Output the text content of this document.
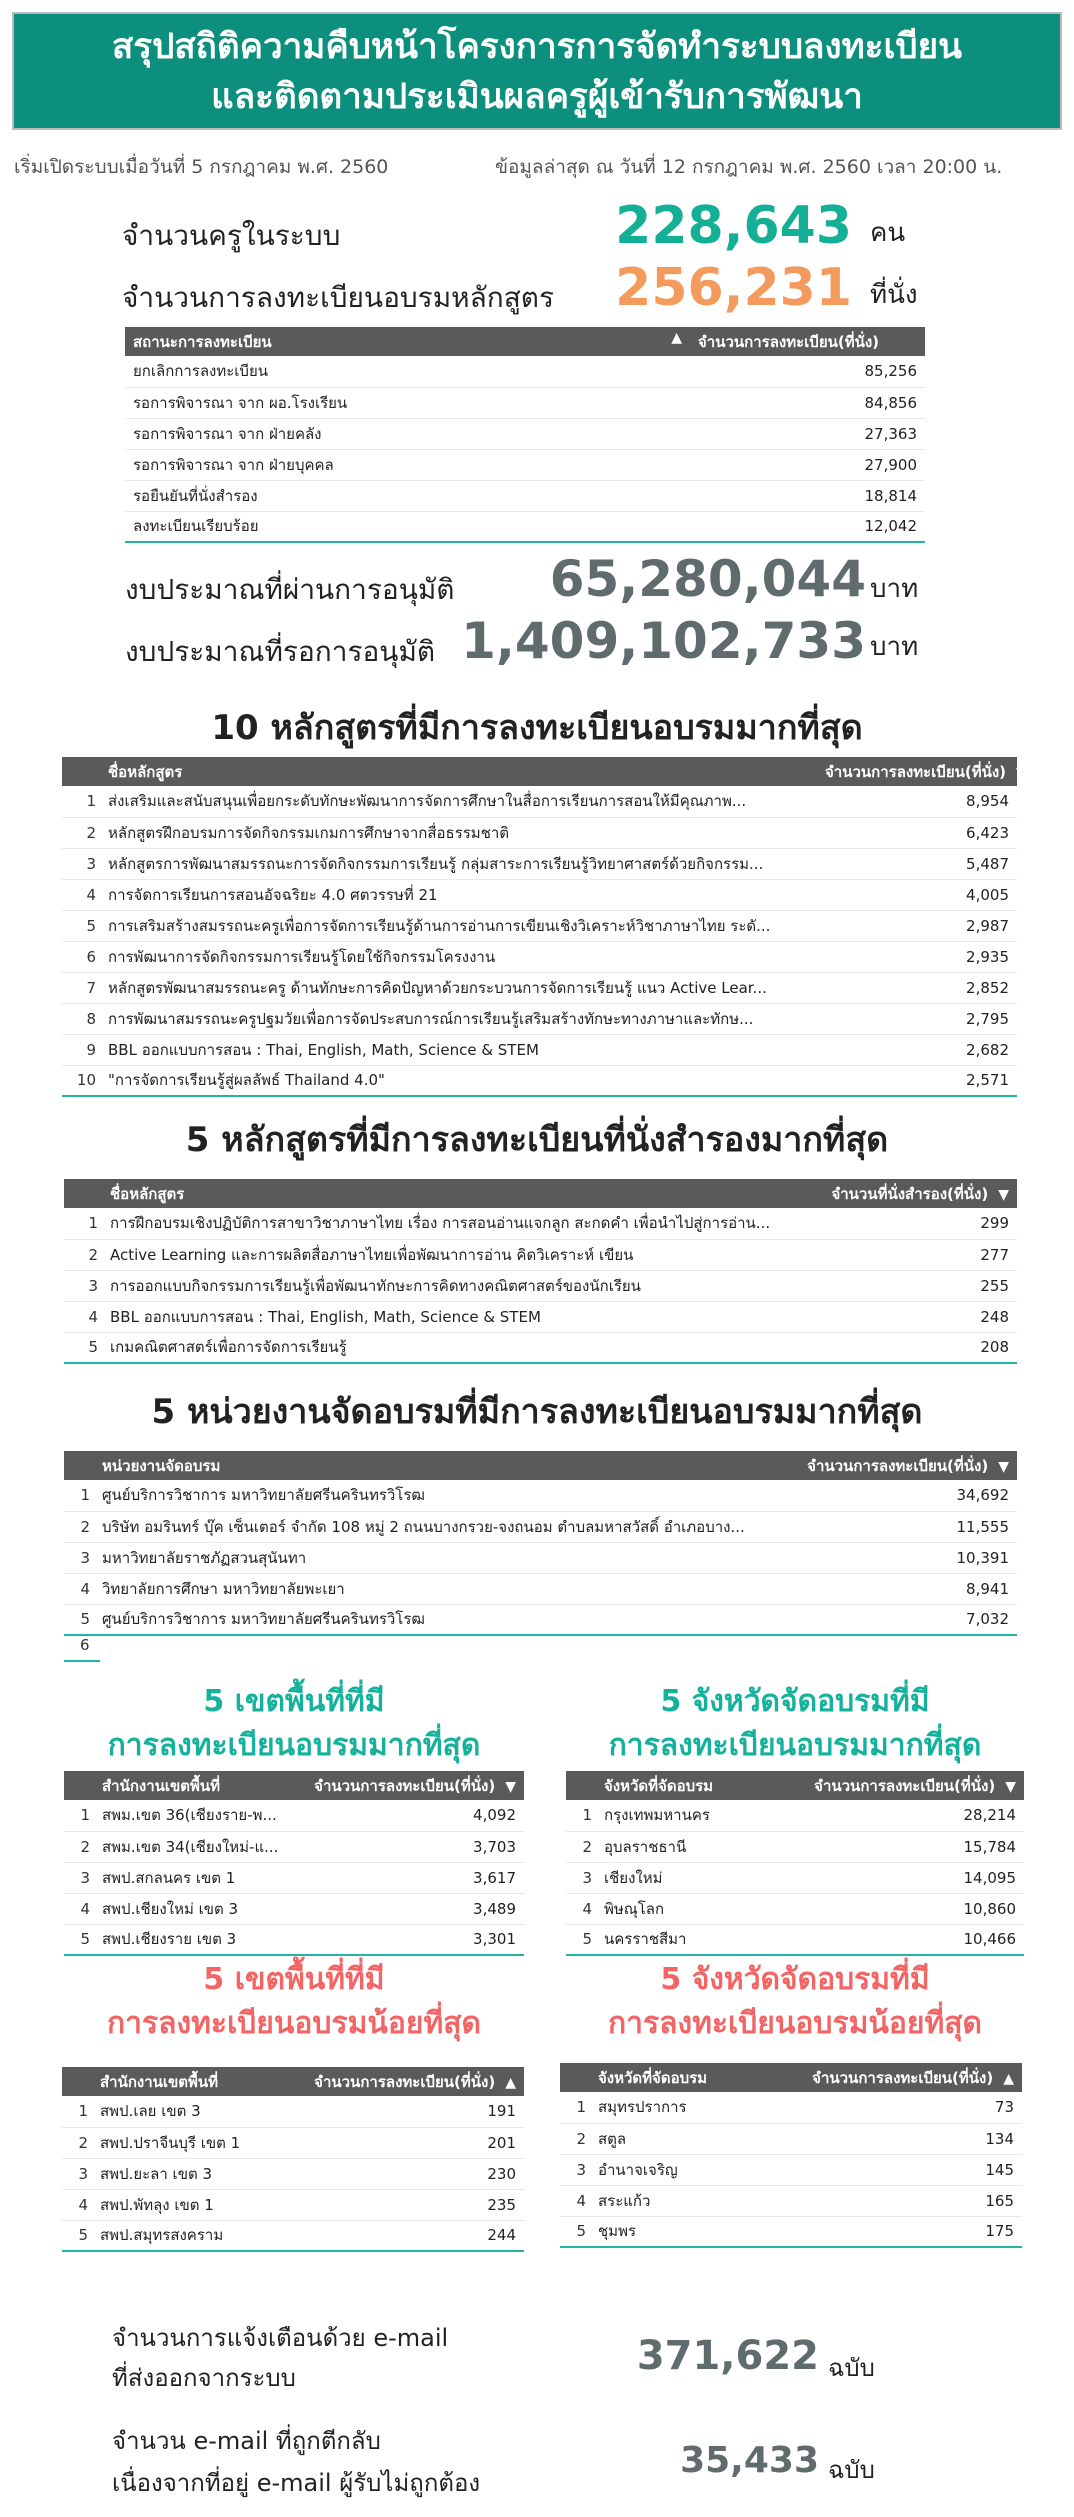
สรุปสถิติความคืบหน้าโครงการการจัดทำระบบลงทะเบียน
และติดตามประเมินผลครูผู้เข้ารับการพัฒนา
เริ่มเปิดระบบเมื่อวันที่ 5 กรกฎาคม พ.ศ. 2560	ข้อมูลล่าสุด ณ วันที่ 12 กรกฎาคม พ.ศ. 2560 เวลา 20:00 น.
จำนวนครูในระบบ	228,643 คน
จำนวนการลงทะเบียนอบรมหลักสูตร 256,231 ที่นั่ง
สถานะการลงทะเบียน ▲	จำนวนการลงทะเบียน(ที่นั่ง)

ยกเลิกการลงทะเบียน	85,256

รอการพิจารณา จาก ผอ.โรงเรียน	84,856

รอการพิจารณา จาก ฝ่ายคลัง	27,363

รอการพิจารณา จาก ฝ่ายบุคคล	27,900

รอยืนยันที่นั่งสำรอง	18,814

ลงทะเบียนเรียบร้อย	12,042
งบประมาณที่ผ่านการอนุมัติ 65,280,044 บาท
งบประมาณที่รอการอนุมัติ 1,409,102,733 บาท
10 หลักสูตรที่มีการลงทะเบียนอบรมมากที่สุด
	ชื่อหลักสูตร	จำนวนการลงทะเบียน(ที่นั่ง) ▼
1	ส่งเสริมและสนับสนุนเพื่อยกระดับทักษะพัฒนาการจัดการศึกษาในสื่อการเรียนการสอนให้มีคุณภาพ...	8,954
2	หลักสูตรฝึกอบรมการจัดกิจกรรมเกมการศึกษาจากสื่อธรรมชาติ	6,423
3	หลักสูตรการพัฒนาสมรรถนะการจัดกิจกรรมการเรียนรู้ กลุ่มสาระการเรียนรู้วิทยาศาสตร์ด้วยกิจกรรม...	5,487
4	การจัดการเรียนการสอนอัจฉริยะ 4.0 ศตวรรษที่ 21	4,005
5	การเสริมสร้างสมรรถนะครูเพื่อการจัดการเรียนรู้ด้านการอ่านการเขียนเชิงวิเคราะห์วิชาภาษาไทย ระดั...	2,987
6	การพัฒนาการจัดกิจกรรมการเรียนรู้โดยใช้กิจกรรมโครงงาน	2,935
7	หลักสูตรพัฒนาสมรรถนะครู ด้านทักษะการคิดปัญหาด้วยกระบวนการจัดการเรียนรู้ แนว Active Lear...	2,852
8	การพัฒนาสมรรถนะครูปฐมวัยเพื่อการจัดประสบการณ์การเรียนรู้เสริมสร้างทักษะทางภาษาและทักษ...	2,795
9	BBL ออกแบบการสอน : Thai, English, Math, Science & STEM	2,682
10	"การจัดการเรียนรู้สู่ผลลัพธ์ Thailand 4.0"	2,571
5 หลักสูตรที่มีการลงทะเบียนที่นั่งสำรองมากที่สุด
	ชื่อหลักสูตร	จำนวนที่นั่งสำรอง(ที่นั่ง) ▼
1	การฝึกอบรมเชิงปฏิบัติการสาขาวิชาภาษาไทย เรื่อง การสอนอ่านแจกลูก สะกดคำ เพื่อนำไปสู่การอ่าน...	299
2	Active Learning และการผลิตสื่อภาษาไทยเพื่อพัฒนาการอ่าน คิดวิเคราะห์ เขียน	277
3	การออกแบบกิจกรรมการเรียนรู้เพื่อพัฒนาทักษะการคิดทางคณิตศาสตร์ของนักเรียน	255
4	BBL ออกแบบการสอน : Thai, English, Math, Science & STEM	248
5	เกมคณิตศาสตร์เพื่อการจัดการเรียนรู้	208
5 หน่วยงานจัดอบรมที่มีการลงทะเบียนอบรมมากที่สุด
	หน่วยงานจัดอบรม	จำนวนการลงทะเบียน(ที่นั่ง) ▼
1	ศูนย์บริการวิชาการ มหาวิทยาลัยศรีนครินทรวิโรฒ	34,692
2	บริษัท อมรินทร์ บุ๊ค เซ็นเตอร์ จำกัด 108 หมู่ 2 ถนนบางกรวย-จงถนอม ตำบลมหาสวัสดิ์ อำเภอบาง...	11,555
3	มหาวิทยาลัยราชภัฏสวนสุนันทา	10,391
4	วิทยาลัยการศึกษา มหาวิทยาลัยพะเยา	8,941
5	ศูนย์บริการวิชาการ มหาวิทยาลัยศรีนครินทรวิโรฒ	7,032
6
5 เขตพื้นที่ที่มี
การลงทะเบียนอบรมมากที่สุด
	สำนักงานเขตพื้นที่	จำนวนการลงทะเบียน(ที่นั่ง) ▼
1	สพม.เขต 36(เชียงราย-พ...	4,092
2	สพม.เขต 34(เชียงใหม่-แ...	3,703
3	สพป.สกลนคร เขต 1	3,617
4	สพป.เชียงใหม่ เขต 3	3,489
5	สพป.เชียงราย เขต 3	3,301
5 จังหวัดจัดอบรมที่มี
การลงทะเบียนอบรมมากที่สุด
	จังหวัดที่จัดอบรม	จำนวนการลงทะเบียน(ที่นั่ง) ▼
1	กรุงเทพมหานคร	28,214
2	อุบลราชธานี	15,784
3	เชียงใหม่	14,095
4	พิษณุโลก	10,860
5	นครราชสีมา	10,466
5 เขตพื้นที่ที่มี
การลงทะเบียนอบรมน้อยที่สุด
	สำนักงานเขตพื้นที่	จำนวนการลงทะเบียน(ที่นั่ง) ▲
1	สพป.เลย เขต 3	191
2	สพป.ปราจีนบุรี เขต 1	201
3	สพป.ยะลา เขต 3	230
4	สพป.พัทลุง เขต 1	235
5	สพป.สมุทรสงคราม	244
5 จังหวัดจัดอบรมที่มี
การลงทะเบียนอบรมน้อยที่สุด
	จังหวัดที่จัดอบรม	จำนวนการลงทะเบียน(ที่นั่ง) ▲
1	สมุทรปราการ	73
2	สตูล	134
3	อำนาจเจริญ	145
4	สระแก้ว	165
5	ชุมพร	175
จำนวนการแจ้งเตือนด้วย e-mail
ที่ส่งออกจากระบบ	371,622 ฉบับ
จำนวน e-mail ที่ถูกตีกลับ
เนื่องจากที่อยู่ e-mail ผู้รับไม่ถูกต้อง
35,433 ฉบับ
